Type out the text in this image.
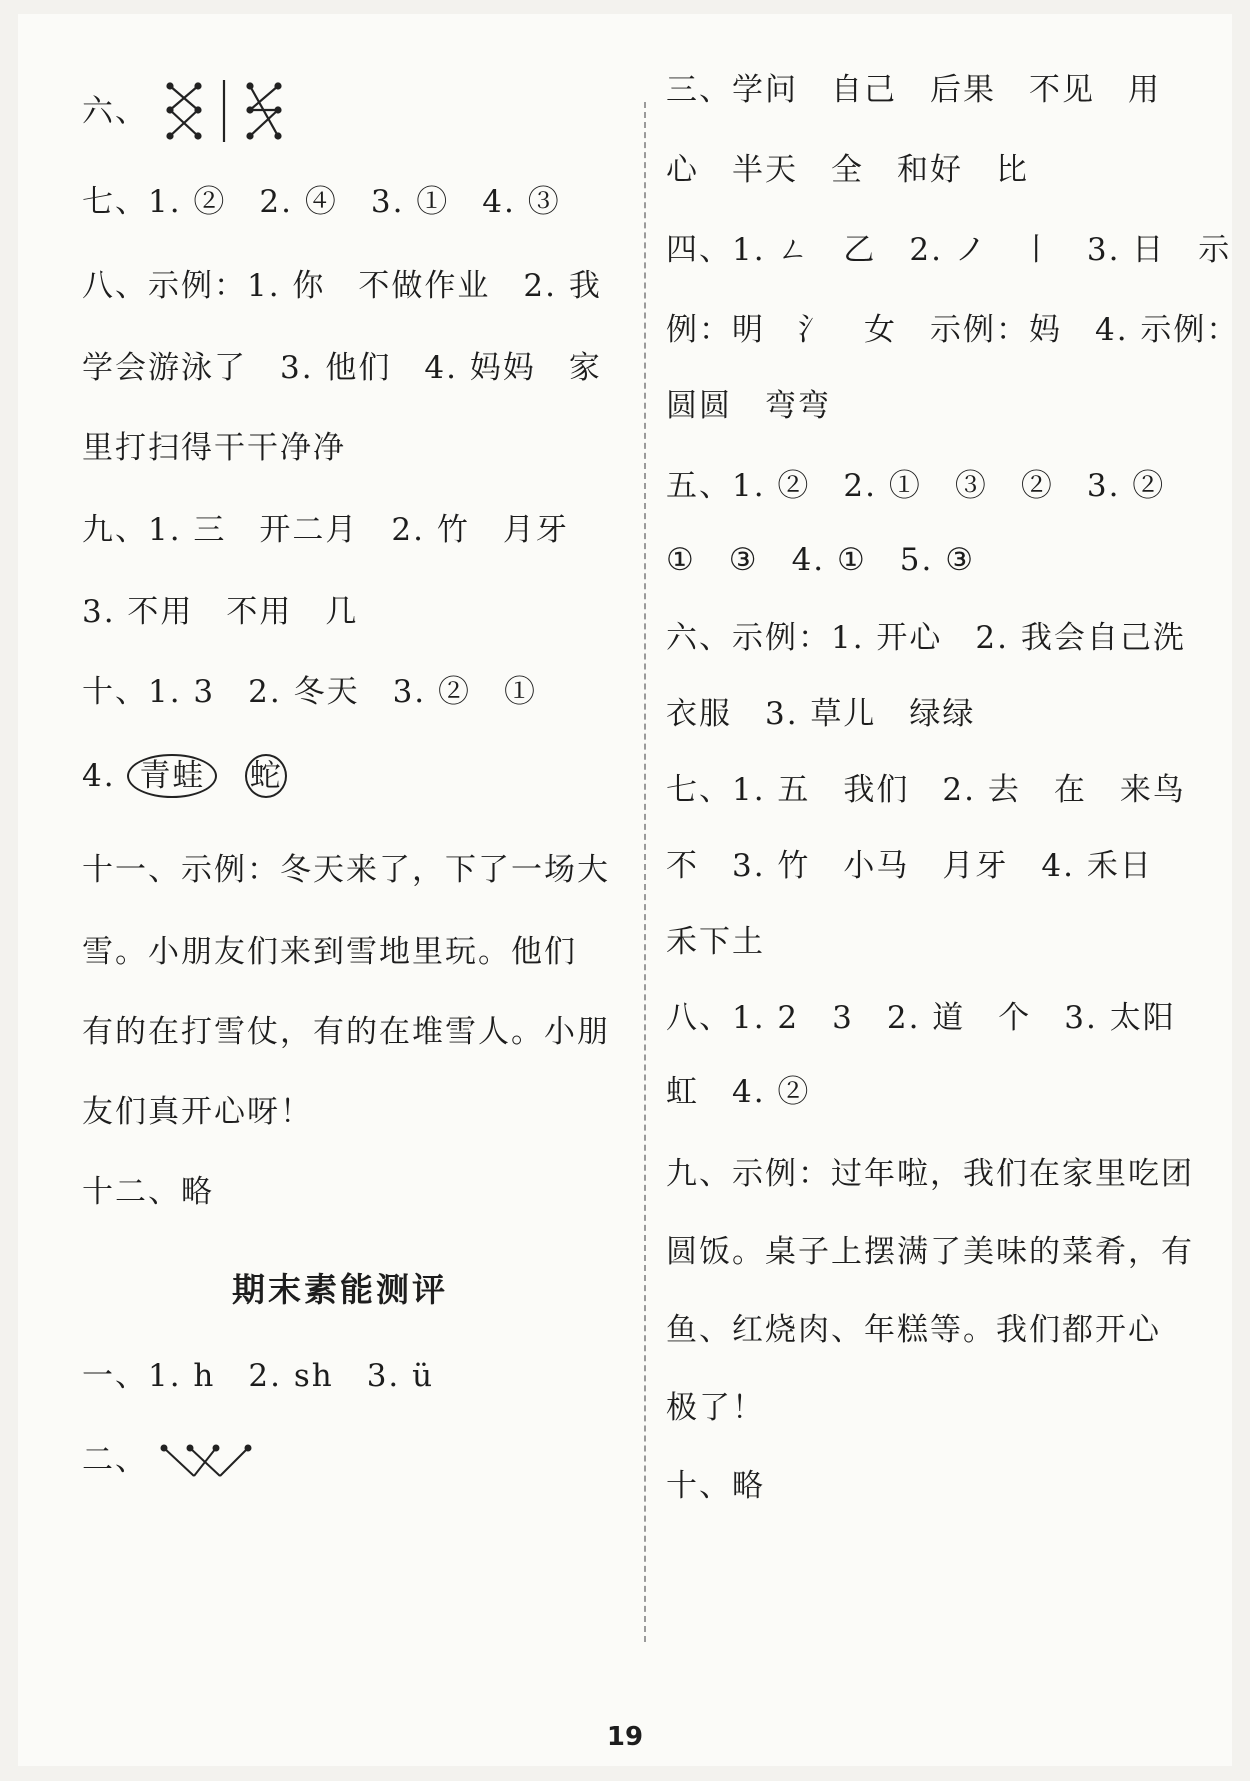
六、
七、1. ②　2. ④　3. ①　4. ③
八、示例：1. 你　不做作业　2. 我
学会游泳了　3. 他们　4. 妈妈　家
里打扫得干干净净
九、1. 三　开二月　2. 竹　月牙
3. 不用　不用　几
十、1. 3　2. 冬天　3. ②　①
4. 青蛙 蛇
十一、示例：冬天来了，下了一场大
雪。小朋友们来到雪地里玩。他们
有的在打雪仗，有的在堆雪人。小朋
友们真开心呀！
十二、略
期末素能测评
一、1. h　2. sh　3. ü
二、
三、学问　自己　后果　不见　用
心　半天　全　和好　比
四、1. ㄥ　乙　2. ノ　丨　3. 日　示
例：明　氵　女　示例：妈　4. 示例：
圆圆　弯弯
五、1. ②　2. ①　③　②　3. ②
①　③　4. ①　5. ③
六、示例：1. 开心　2. 我会自己洗
衣服　3. 草儿　绿绿
七、1. 五　我们　2. 去　在　来鸟
不　3. 竹　小马　月牙　4. 禾日
禾下土
八、1. 2　3　2. 道　个　3. 太阳
虹　4. ②
九、示例：过年啦，我们在家里吃团
圆饭。桌子上摆满了美味的菜肴，有
鱼、红烧肉、年糕等。我们都开心
极了！
十、略
19
